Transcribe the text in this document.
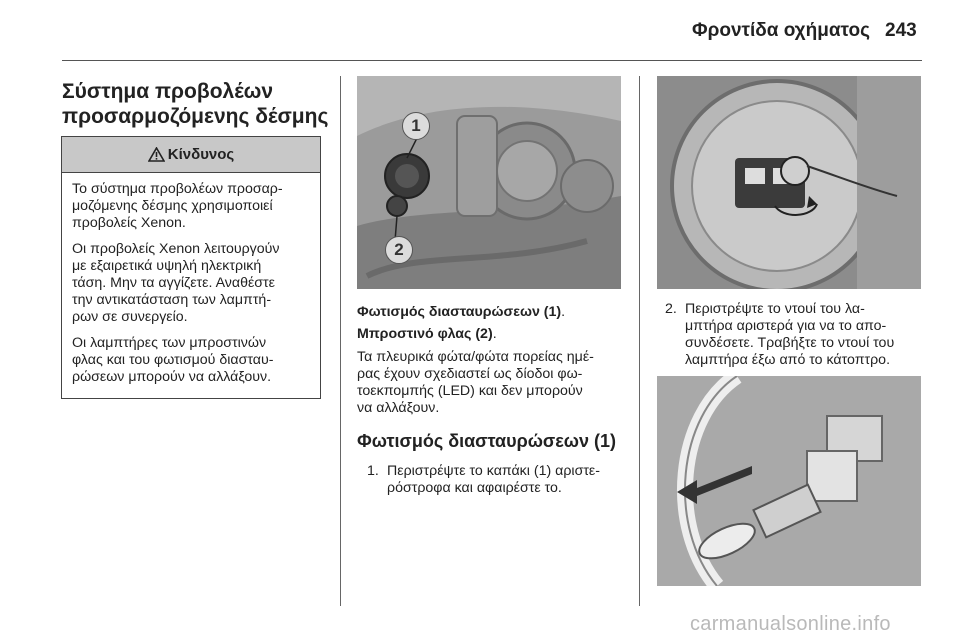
Φροντίδα οχήματος 243
Σύστημα προβολέων
προσαρμοζόμενης δέσμης
Κίνδυνος

Το σύστημα προβολέων προσαρ‐
μοζόμενης δέσμης χρησιμοποιεί
προβολείς Xenon.

Οι προβολείς Xenon λειτουργούν
με εξαιρετικά υψηλή ηλεκτρική
τάση. Μην τα αγγίζετε. Αναθέστε
την αντικατάσταση των λαμπτή‐
ρων σε συνεργείο.

Οι λαμπτήρες των μπροστινών
φλας και του φωτισμού διασταυ‐
ρώσεων μπορούν να αλλάξουν.

1
2
Φωτισμός διασταυρώσεων (1).
Μπροστινό φλας (2).
Τα πλευρικά φώτα/φώτα πορείας ημέ‐
ρας έχουν σχεδιαστεί ως δίοδοι φω‐
τοεκπομπής (LED) και δεν μπορούν
να αλλάξουν.
Φωτισμός διασταυρώσεων (1)
1. Περιστρέψτε το καπάκι (1) αριστε‐
ρόστροφα και αφαιρέστε το.
2. Περιστρέψτε το ντουί του λα‐
μπτήρα αριστερά για να το απο‐
συνδέσετε. Τραβήξτε το ντουί του
λαμπτήρα έξω από το κάτοπτρο.
carmanualsonline.info
